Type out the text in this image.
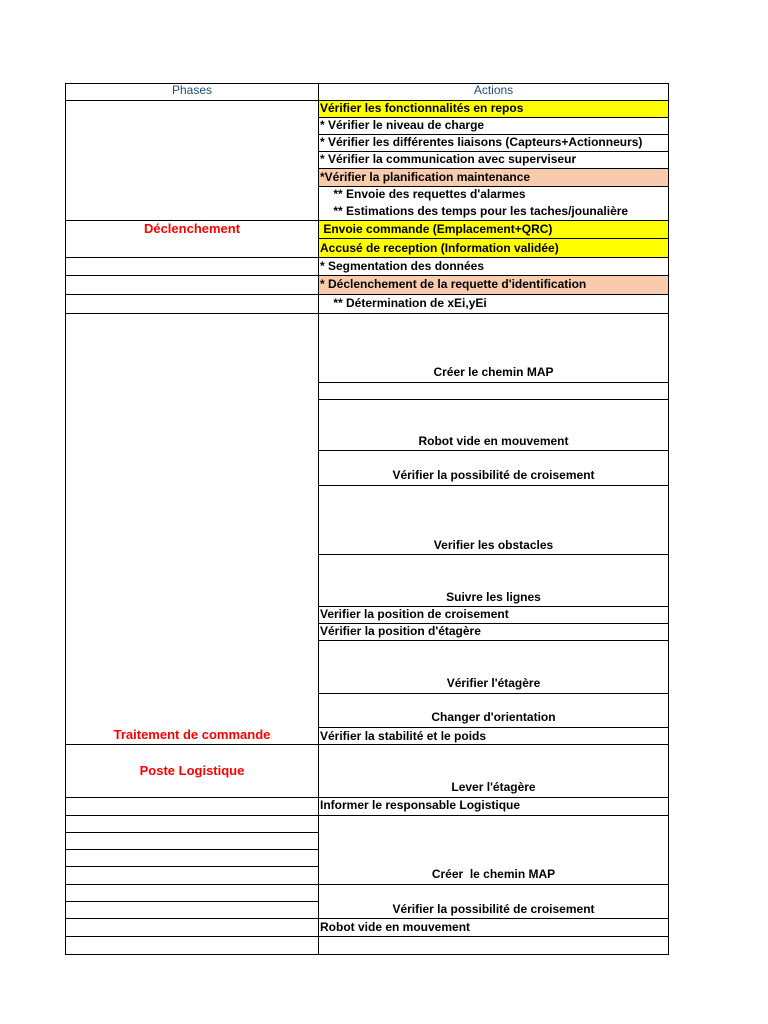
Phases	Actions
Déclenchement
Traitement de commande
Poste Logistique
Vérifier les fonctionnalités en repos
* Vérifier le niveau de charge
* Vérifier les différentes liaisons (Capteurs+Actionneurs)
* Vérifier la communication avec superviseur
*Vérifier la planification maintenance
** Envoie des requettes d'alarmes
** Estimations des temps pour les taches/jounalière
Envoie commande (Emplacement+QRC)
Accusé de reception (Information validée)
* Segmentation des données
* Déclenchement de la requette d'identification
** Détermination de xEi,yEi
Créer le chemin MAP
Robot vide en mouvement
Vérifier la possibilité de croisement
Verifier les obstacles
Suivre les lignes
Verifier la position de croisement
Vérifier la position d'étagère
Vérifier l'étagère
Changer d'orientation
Vérifier la stabilité et le poids
Lever l'étagère
Informer le responsable Logistique
Créer  le chemin MAP
Vérifier la possibilité de croisement
Robot vide en mouvement
